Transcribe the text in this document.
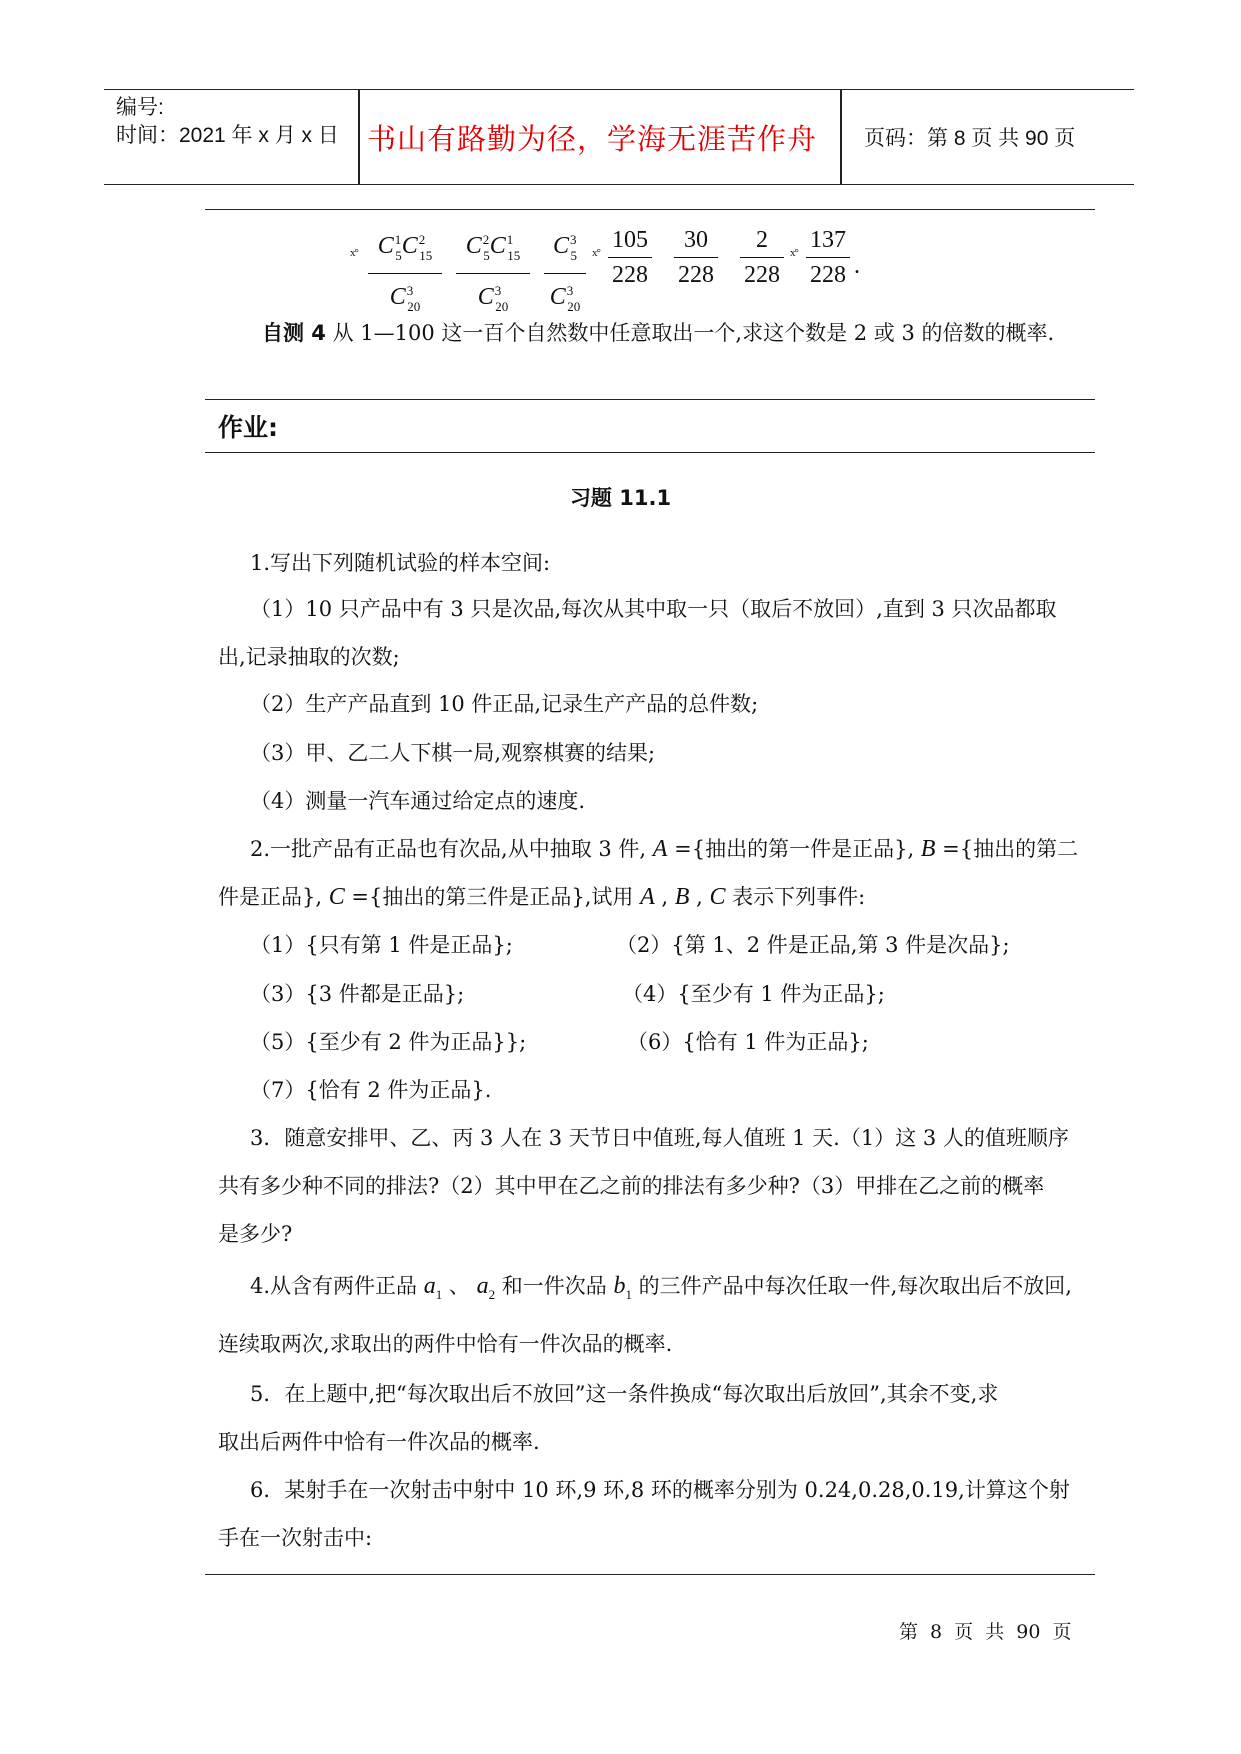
编号:
时间：2021 年 x 月 x 日 书山有路勤为径，学海无涯苦作舟	页码：第 8 页 共 90 页
x° $C^1_5C^2_{15}$
$C^3_{20}$
$C^2_5C^1_{15}$
$C^3_{20}$
$C^3_5$
$C^3_{20}$
x° 105
228
30
228
2
228
x° 137
228 .
自测 4 从 1—100 这一百个自然数中任意取出一个,求这个数是 2 或 3 的倍数的概率.
作业:
习题 11.1
1.写出下列随机试验的样本空间:
（1）10 只产品中有 3 只是次品,每次从其中取一只（取后不放回）,直到 3 只次品都取
出,记录抽取的次数;
（2）生产产品直到 10 件正品,记录生产产品的总件数;
（3）甲、乙二人下棋一局,观察棋赛的结果;
（4）测量一汽车通过给定点的速度.
2.一批产品有正品也有次品,从中抽取 3 件, A ={抽出的第一件是正品}, B ={抽出的第二
件是正品}, C ={抽出的第三件是正品},试用 A , B , C 表示下列事件:
（1）{只有第 1 件是正品};	（2）{第 1、2 件是正品,第 3 件是次品};
（3）{3 件都是正品};	（4）{至少有 1 件为正品};
（5）{至少有 2 件为正品}};	（6）{恰有 1 件为正品};
（7）{恰有 2 件为正品}.
3．随意安排甲、乙、丙 3 人在 3 天节日中值班,每人值班 1 天.（1）这 3 人的值班顺序
共有多少种不同的排法?（2）其中甲在乙之前的排法有多少种?（3）甲排在乙之前的概率
是多少?
4.从含有两件正品 $a_1$ 、 $a_2$ 和一件次品 $b_1$ 的三件产品中每次任取一件,每次取出后不放回,
连续取两次,求取出的两件中恰有一件次品的概率.
5．在上题中,把“每次取出后不放回”这一条件换成“每次取出后放回”,其余不变,求
取出后两件中恰有一件次品的概率.
6．某射手在一次射击中射中 10 环,9 环,8 环的概率分别为 0.24,0.28,0.19,计算这个射
手在一次射击中:
第 8 页 共 90 页
